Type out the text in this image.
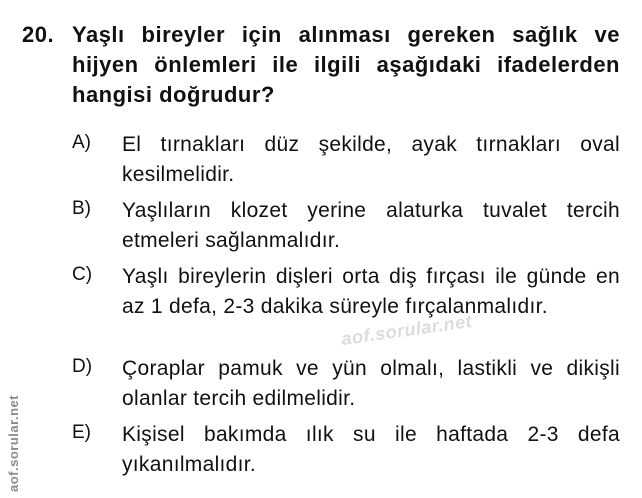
20. Yaşlı bireyler için alınması gereken sağlık ve hijyen önlemleri ile ilgili aşağıdaki ifadelerden hangisi doğrudur?
A) El tırnakları düz şekilde, ayak tırnakları oval kesilmelidir.
B) Yaşlıların klozet yerine alaturka tuvalet tercih etmeleri sağlanmalıdır.
C) Yaşlı bireylerin dişleri orta diş fırçası ile günde en az 1 defa, 2-3 dakika süreyle fırçalanmalıdır.
D) Çoraplar pamuk ve yün olmalı, lastikli ve dikişli olanlar tercih edilmelidir.
E) Kişisel bakımda ılık su ile haftada 2-3 defa yıkanılmalıdır.
aof.sorular.net
aof.sorular.net
